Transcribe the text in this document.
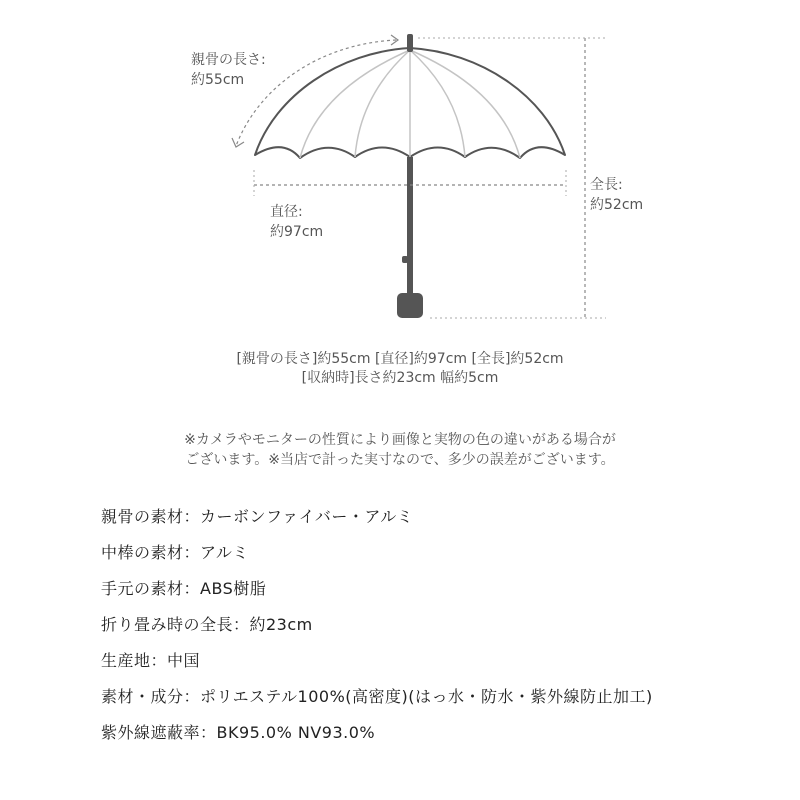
親骨の長さ:
約55cm
直径:
約97cm
全長:
約52cm
[親骨の長さ]約55cm [直径]約97cm [全長]約52cm
[収納時]長さ約23cm 幅約5cm
※カメラやモニターの性質により画像と実物の色の違いがある場合が
ございます。※当店で計った実寸なので、多少の誤差がございます。
親骨の素材：カーボンファイバー・アルミ
中棒の素材：アルミ
手元の素材：ABS樹脂
折り畳み時の全長：約23cm
生産地：中国
素材・成分：ポリエステル100%(高密度)(はっ水・防水・紫外線防止加工)
紫外線遮蔽率：BK95.0% NV93.0%
